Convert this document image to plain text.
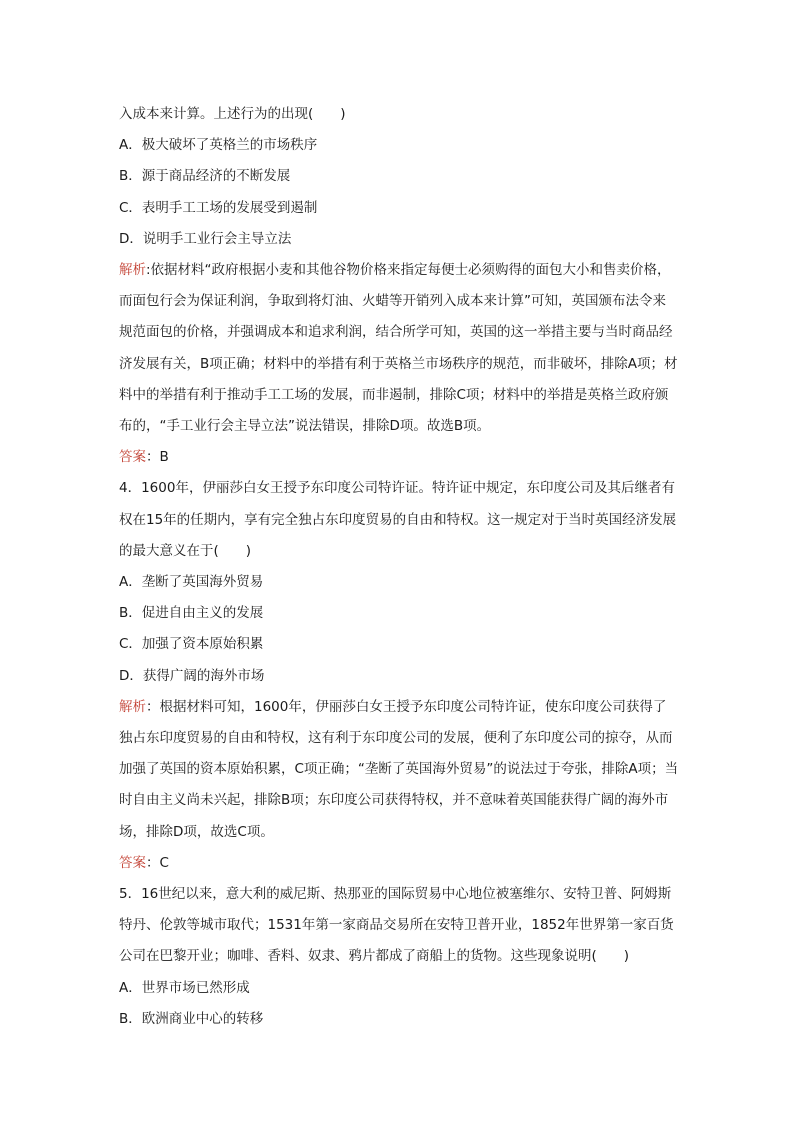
入成本来计算。上述行为的出现(　　)

A．极大破坏了英格兰的市场秩序

B．源于商品经济的不断发展

C．表明手工工场的发展受到遏制

D．说明手工业行会主导立法

解析:依据材料“政府根据小麦和其他谷物价格来指定每便士必须购得的面包大小和售卖价格，而面包行会为保证利润，争取到将灯油、火蜡等开销列入成本来计算”可知，英国颁布法令来规范面包的价格，并强调成本和追求利润，结合所学可知，英国的这一举措主要与当时商品经济发展有关，B项正确；材料中的举措有利于英格兰市场秩序的规范，而非破坏，排除A项；材料中的举措有利于推动手工工场的发展，而非遏制，排除C项；材料中的举措是英格兰政府颁布的，“手工业行会主导立法”说法错误，排除D项。故选B项。

答案：B

4．1600年，伊丽莎白女王授予东印度公司特许证。特许证中规定，东印度公司及其后继者有权在15年的任期内，享有完全独占东印度贸易的自由和特权。这一规定对于当时英国经济发展的最大意义在于(　　)

A．垄断了英国海外贸易

B．促进自由主义的发展

C．加强了资本原始积累

D．获得广阔的海外市场

解析：根据材料可知，1600年，伊丽莎白女王授予东印度公司特许证，使东印度公司获得了独占东印度贸易的自由和特权，这有利于东印度公司的发展，便利了东印度公司的掠夺，从而加强了英国的资本原始积累，C项正确；“垄断了英国海外贸易”的说法过于夸张，排除A项；当时自由主义尚未兴起，排除B项；东印度公司获得特权，并不意味着英国能获得广阔的海外市场，排除D项，故选C项。

答案：C

5．16世纪以来，意大利的威尼斯、热那亚的国际贸易中心地位被塞维尔、安特卫普、阿姆斯特丹、伦敦等城市取代；1531年第一家商品交易所在安特卫普开业，1852年世界第一家百货公司在巴黎开业；咖啡、香料、奴隶、鸦片都成了商船上的货物。这些现象说明(　　)

A．世界市场已然形成

B．欧洲商业中心的转移
